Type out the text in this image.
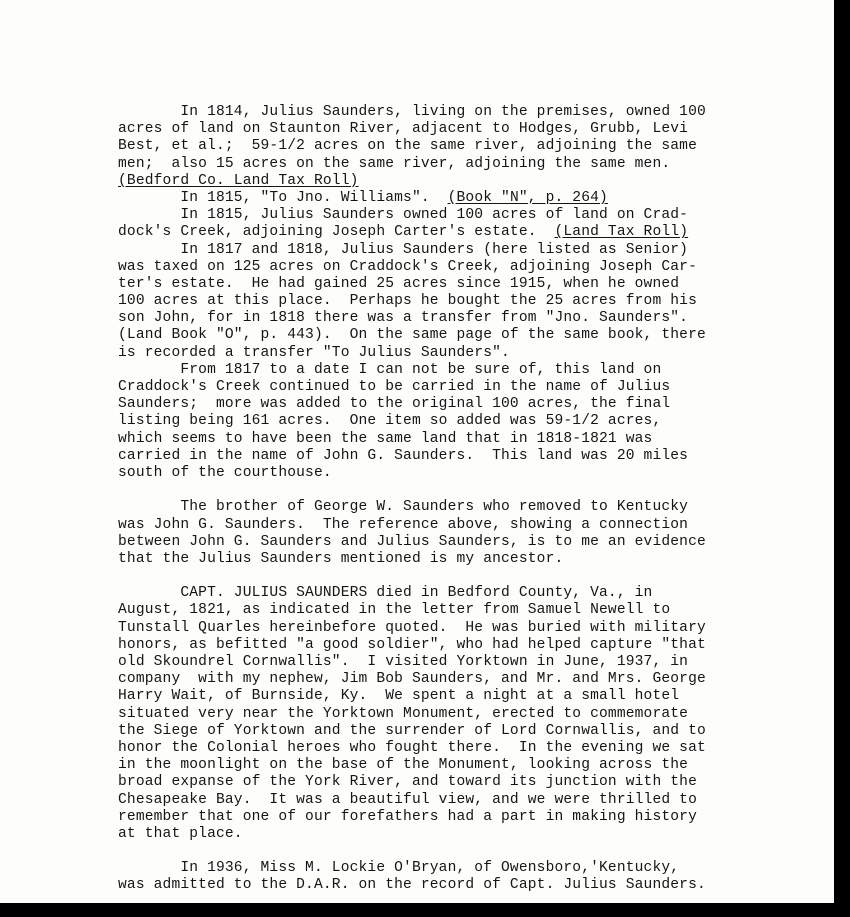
In 1814, Julius Saunders, living on the premises, owned 100
acres of land on Staunton River, adjacent to Hodges, Grubb, Levi
Best, et al.;  59-1/2 acres on the same river, adjoining the same
men;  also 15 acres on the same river, adjoining the same men.
(Bedford Co. Land Tax Roll)
In 1815, "To Jno. Williams".  (Book "N", p. 264)
In 1815, Julius Saunders owned 100 acres of land on Crad-
dock's Creek, adjoining Joseph Carter's estate.  (Land Tax Roll)
In 1817 and 1818, Julius Saunders (here listed as Senior)
was taxed on 125 acres on Craddock's Creek, adjoining Joseph Car-
ter's estate.  He had gained 25 acres since 1915, when he owned
100 acres at this place.  Perhaps he bought the 25 acres from his
son John, for in 1818 there was a transfer from "Jno. Saunders".
(Land Book "O", p. 443).  On the same page of the same book, there
is recorded a transfer "To Julius Saunders".
From 1817 to a date I can not be sure of, this land on
Craddock's Creek continued to be carried in the name of Julius
Saunders;  more was added to the original 100 acres, the final
listing being 161 acres.  One item so added was 59-1/2 acres,
which seems to have been the same land that in 1818-1821 was
carried in the name of John G. Saunders.  This land was 20 miles
south of the courthouse.
The brother of George W. Saunders who removed to Kentucky
was John G. Saunders.  The reference above, showing a connection
between John G. Saunders and Julius Saunders, is to me an evidence
that the Julius Saunders mentioned is my ancestor.
CAPT. JULIUS SAUNDERS died in Bedford County, Va., in
August, 1821, as indicated in the letter from Samuel Newell to
Tunstall Quarles hereinbefore quoted.  He was buried with military
honors, as befitted "a good soldier", who had helped capture "that
old Skoundrel Cornwallis".  I visited Yorktown in June, 1937, in
company  with my nephew, Jim Bob Saunders, and Mr. and Mrs. George
Harry Wait, of Burnside, Ky.  We spent a night at a small hotel
situated very near the Yorktown Monument, erected to commemorate
the Siege of Yorktown and the surrender of Lord Cornwallis, and to
honor the Colonial heroes who fought there.  In the evening we sat
in the moonlight on the base of the Monument, looking across the
broad expanse of the York River, and toward its junction with the
Chesapeake Bay.  It was a beautiful view, and we were thrilled to
remember that one of our forefathers had a part in making history
at that place.
In 1936, Miss M. Lockie O'Bryan, of Owensboro,'Kentucky,
was admitted to the D.A.R. on the record of Capt. Julius Saunders.
